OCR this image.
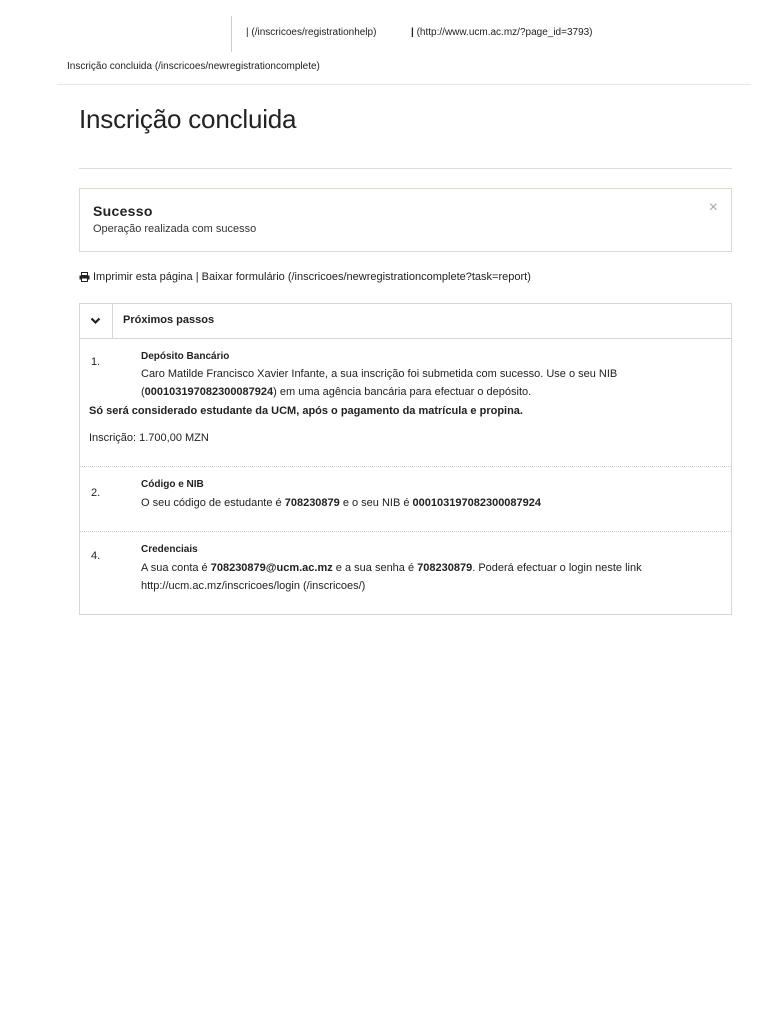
| (/inscricoes/registrationhelp)	| (http://www.ucm.ac.mz/?page_id=3793)
Inscrição concluida (/inscricoes/newregistrationcomplete)
Inscrição concluida
Sucesso
Operação realizada com sucesso
×
Imprimir esta página | Baixar formulário (/inscricoes/newregistrationcomplete?task=report)
Próximos passos
1.	Depósito Bancário
Caro Matilde Francisco Xavier Infante, a sua inscrição foi submetida com sucesso. Use o seu NIB
(000103197082300087924) em uma agência bancária para efectuar o depósito.
Só será considerado estudante da UCM, após o pagamento da matrícula e propina.
Inscrição: 1.700,00 MZN
2.
Código e NIB
O seu código de estudante é 708230879 e o seu NIB é 000103197082300087924
4.
Credenciais
A sua conta é 708230879@ucm.ac.mz e a sua senha é 708230879. Poderá efectuar o login neste link
http://ucm.ac.mz/inscricoes/login (/inscricoes/)
